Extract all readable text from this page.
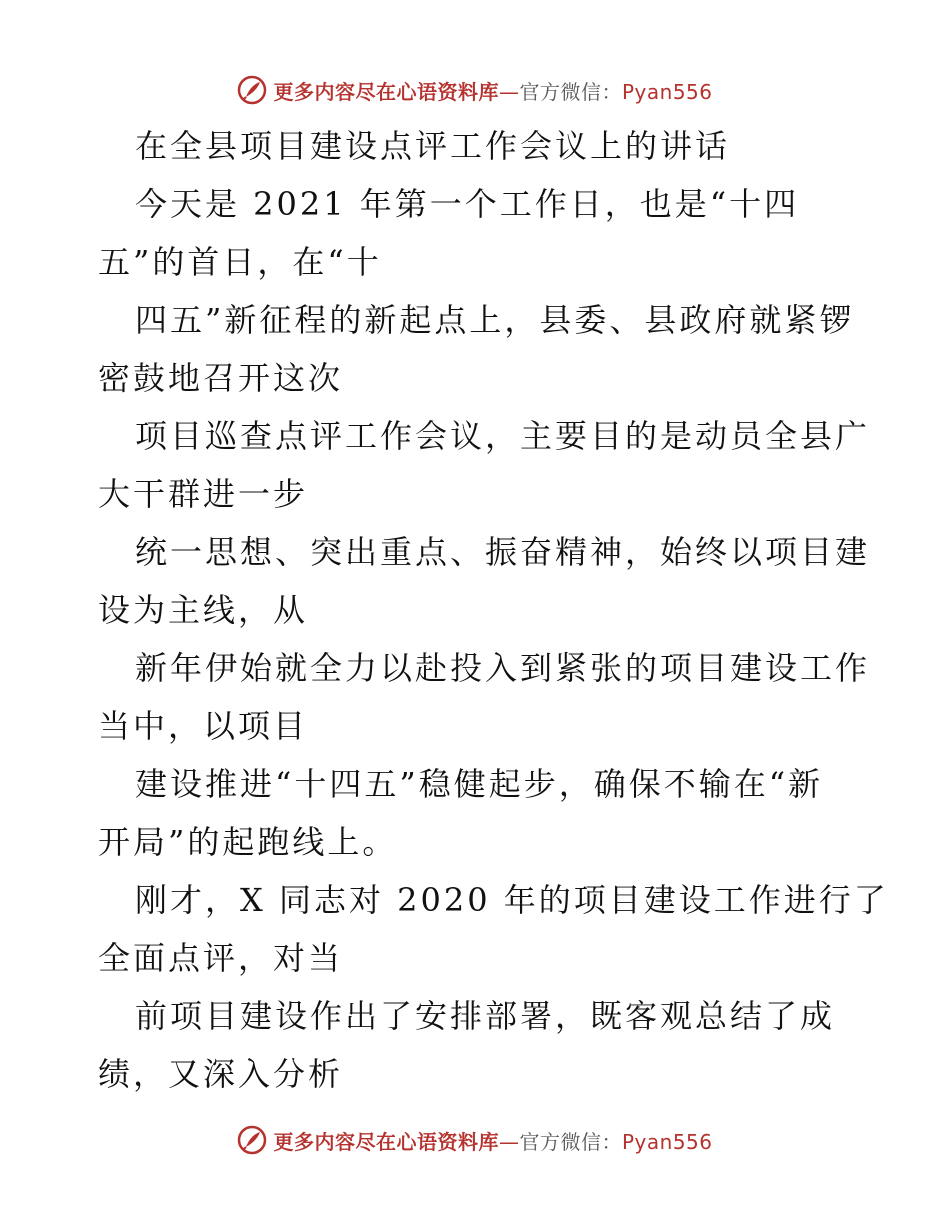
更多内容尽在心语资料库—官方微信：Pyan556
在全县项目建设点评工作会议上的讲话
今天是 2021 年第一个工作日，也是“十四
五”的首日，在“十
四五”新征程的新起点上，县委、县政府就紧锣
密鼓地召开这次
项目巡查点评工作会议，主要目的是动员全县广
大干群进一步
统一思想、突出重点、振奋精神，始终以项目建
设为主线，从
新年伊始就全力以赴投入到紧张的项目建设工作
当中，以项目
建设推进“十四五”稳健起步，确保不输在“新
开局”的起跑线上。
刚才，X 同志对 2020 年的项目建设工作进行了
全面点评，对当
前项目建设作出了安排部署，既客观总结了成
绩，又深入分析
更多内容尽在心语资料库—官方微信：Pyan556
